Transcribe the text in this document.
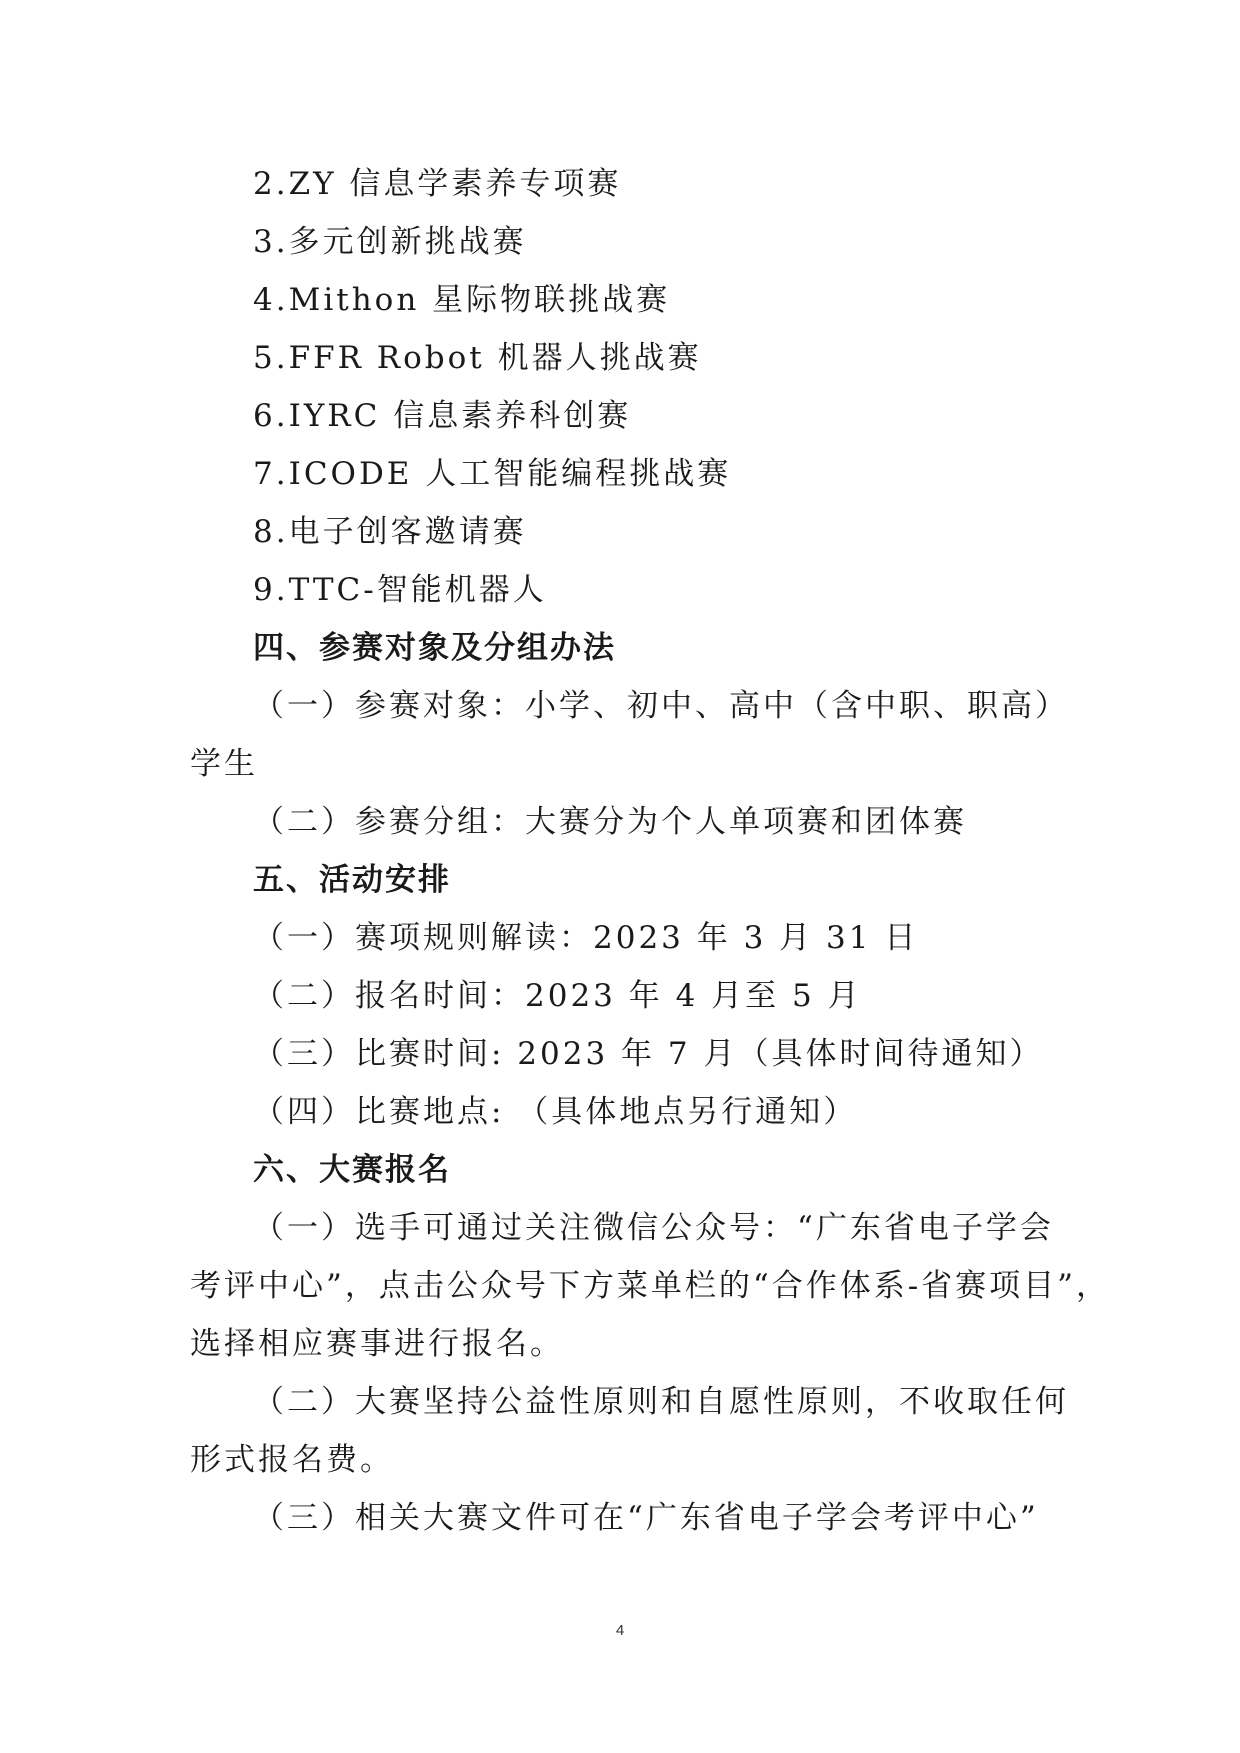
2.ZY 信息学素养专项赛
3.多元创新挑战赛
4.Mithon 星际物联挑战赛
5.FFR Robot 机器人挑战赛
6.IYRC 信息素养科创赛
7.ICODE 人工智能编程挑战赛
8.电子创客邀请赛
9.TTC-智能机器人
四、参赛对象及分组办法
（一）参赛对象：小学、初中、高中（含中职、职高）
学生
（二）参赛分组：大赛分为个人单项赛和团体赛
五、活动安排
（一）赛项规则解读：2023 年 3 月 31 日
（二）报名时间：2023 年 4 月至 5 月
（三）比赛时间: 2023 年 7 月（具体时间待通知）
（四）比赛地点: （具体地点另行通知）
六、大赛报名
（一）选手可通过关注微信公众号：“广东省电子学会
考评中心”，点击公众号下方菜单栏的“合作体系-省赛项目”，
选择相应赛事进行报名。
（二）大赛坚持公益性原则和自愿性原则，不收取任何
形式报名费。
（三）相关大赛文件可在“广东省电子学会考评中心”
4
